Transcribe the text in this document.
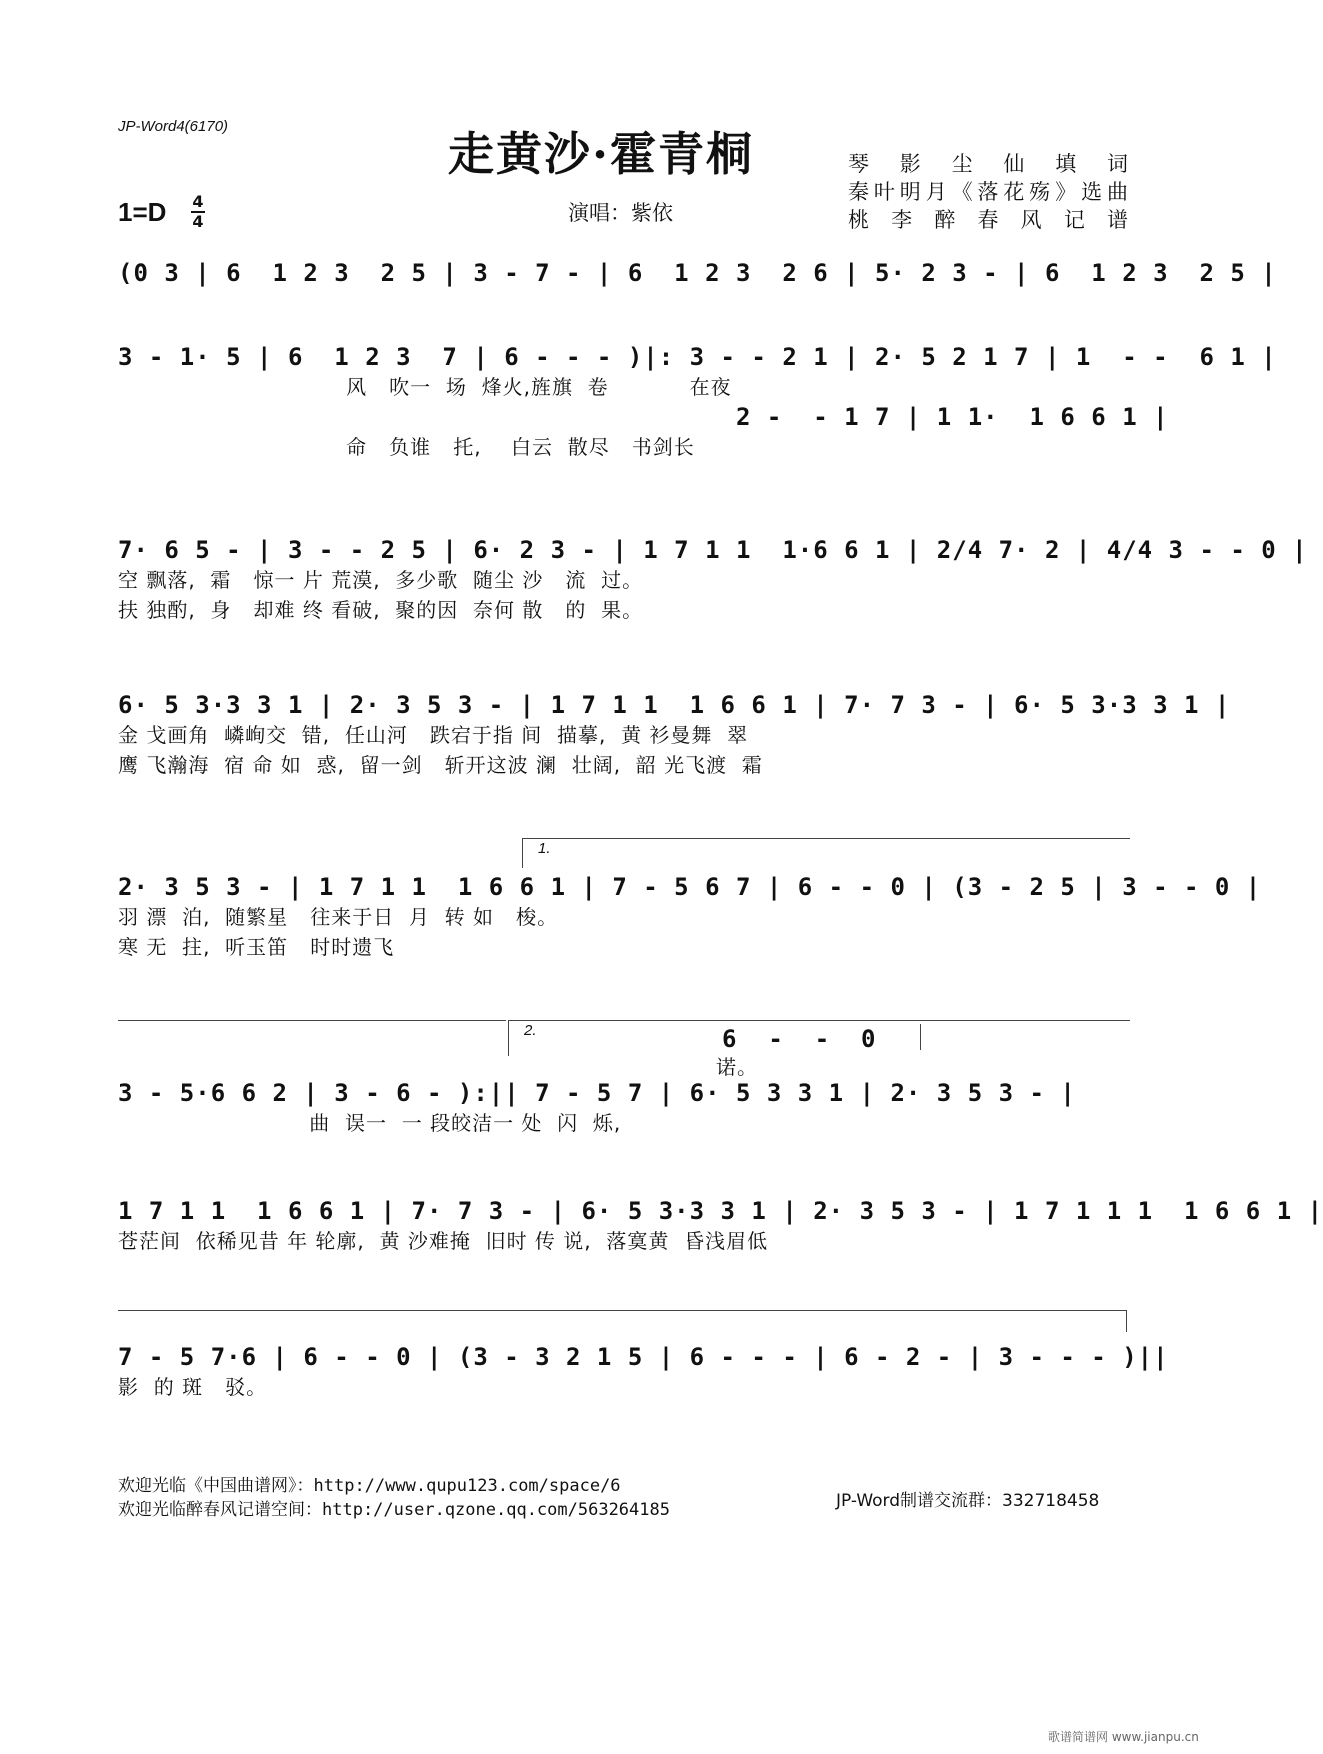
JP-Word4(6170)
走黄沙·霍青桐
演唱：紫依
琴影尘仙填词
秦叶明月《落花殇》选曲
桃李醉春风记谱
1=D 4
4
(0 3 | 6  1 2 3  2 5 | 3 - 7 - | 6  1 2 3  2 6 | 5· 2 3 - | 6  1 2 3  2 5 |
3 - 1· 5 | 6  1 2 3  7 | 6 - - - )|: 3 - - 2 1 | 2· 5 2 1 7 | 1  - -  6 1 |
风   吹一  场  烽火,旌旗  卷           在夜
2 -  - 1 7 | 1 1·  1 6 6 1 |
命   负谁   托,    白云  散尽   书剑长
7· 6 5 - | 3 - - 2 5 | 6· 2 3 - | 1 7 1 1  1·6 6 1 | 2/4 7· 2 | 4/4 3 - - 0 |
空 飘落,  霜   惊一 片 荒漠,  多少歌  随尘 沙   流  过。
扶 独酌,  身   却难 终 看破,  聚的因  奈何 散   的  果。
6· 5 3·3 3 1 | 2· 3 5 3 - | 1 7 1 1  1 6 6 1 | 7· 7 3 - | 6· 5 3·3 3 1 |
金 戈画角  嶙峋交  错,  任山河   跌宕于指 间  描摹,  黄 衫曼舞  翠
鹰 飞瀚海  宿 命 如  惑,  留一剑   斩开这波 澜  壮阔,  韶 光飞渡  霜
1.
2· 3 5 3 - | 1 7 1 1  1 6 6 1 | 7 - 5 6 7 | 6 - - 0 | (3 - 2 5 | 3 - - 0 |
羽 漂  泊,  随繁星   往来于日  月  转 如   梭。
寒 无  拄,  听玉笛   时时遗飞
2.	6  -  -  0
诺。
3 - 5·6 6 2 | 3 - 6 - ):|| 7 - 5 7 | 6· 5 3 3 1 | 2· 3 5 3 - |
曲  误一  一 段皎洁一 处  闪  烁,
1 7 1 1  1 6 6 1 | 7· 7 3 - | 6· 5 3·3 3 1 | 2· 3 5 3 - | 1 7 1 1 1  1 6 6 1 |
苍茫间  依稀见昔 年 轮廓,  黄 沙难掩  旧时 传 说,  落寞黄  昏浅眉低
7 - 5 7·6 | 6 - - 0 | (3 - 3 2 1 5 | 6 - - - | 6 - 2 - | 3 - - - )||
影  的 斑   驳。
欢迎光临《中国曲谱网》：http://www.qupu123.com/space/6
欢迎光临醉春风记谱空间：http://user.qzone.qq.com/563264185	JP-Word制谱交流群：332718458
歌谱简谱网 www.jianpu.cn
